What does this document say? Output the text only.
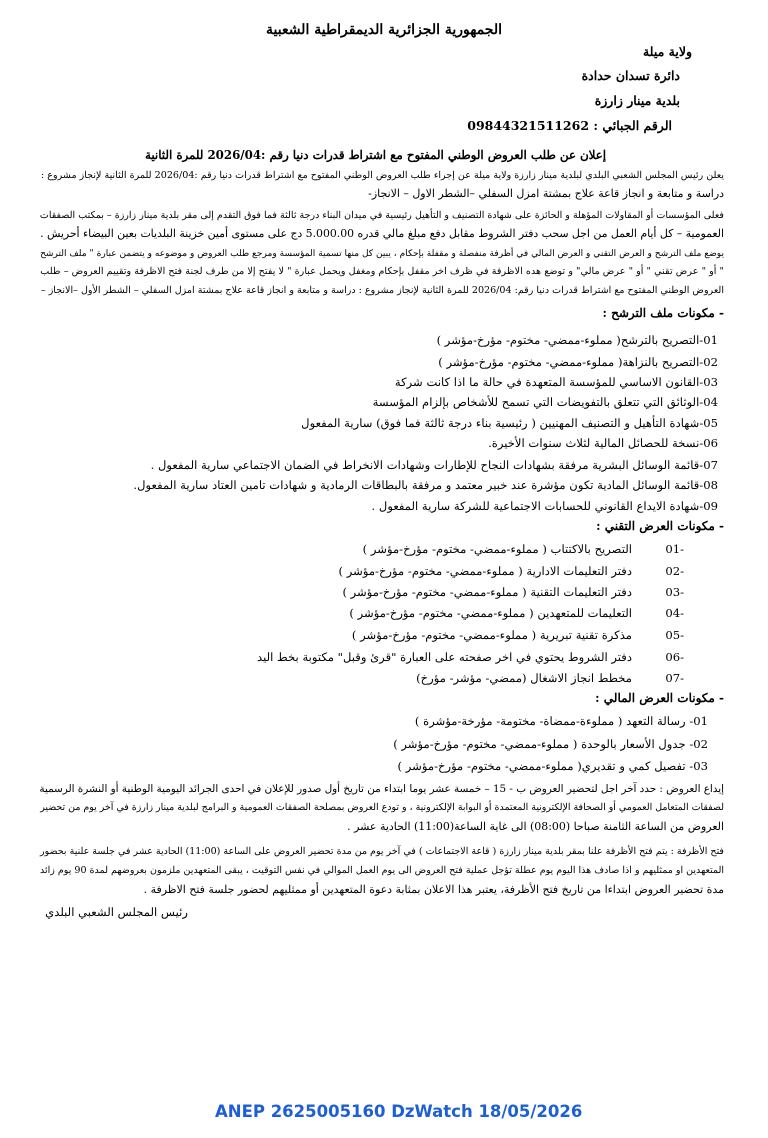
الجمهورية الجزائرية الديمقراطية الشعبية
ولاية ميلة
دائرة تسدان حدادة
بلدية مينار زارزة
الرقم الجبائي : 09844321511262
إعلان عن طلب العروض الوطني المفتوح مع اشتراط قدرات دنيا رقم :2026/04 للمرة الثانية
يعلن رئيس المجلس الشعبي البلدي لبلدية مينار زارزة ولاية ميلة عن إجراء طلب العروض الوطني المفتوح مع اشتراط قدرات دنيا رقم :2026/04 للمرة الثانية لإنجاز مشروع :
دراسة و متابعة و انجاز قاعة علاج بمشتة امزل السفلي –الشطر الاول – الانجاز-
فعلى المؤسسات أو المقاولات المؤهلة و الحائزة على شهادة التصنيف و التأهيل رئيسية في ميدان البناء درجة ثالثة فما فوق التقدم إلى مقر بلدية مينار زارزة – بمكتب الصفقات
العمومية – كل أيام العمل من اجل سحب دفتر الشروط مقابل دفع مبلغ مالي قدره 5.000.00 دج على مستوى أمين خزينة البلديات بعين البيضاء أحريش .
يوضع ملف الترشح و العرض التقني و العرض المالي في أظرفة منفصلة و مقفلة بإحكام ، يبين كل منها تسمية المؤسسة ومرجع طلب العروض و موضوعه و يتضمن عبارة " ملف الترشح
" أو " عرض تقني " أو " عرض مالي" و توضع هده الاظرفة في ظرف اخر مقفل بإحكام ومغفل ويحمل عبارة " لا يفتح إلا من طرف لجنة فتح الاظرفة وتقييم العروض – طلب
العروض الوطني المفتوح مع اشتراط قدرات دنيا رقم: 2026/04 للمرة الثانية لإنجاز مشروع : دراسة و متابعة و انجاز قاعة علاج بمشتة امزل السفلي – الشطر الأول –الانجاز –
- مكونات ملف الترشح :
01-التصريح بالترشح( مملوء-ممضي- مختوم- مؤرخ-مؤشر )
02-التصريح بالنزاهة( مملوء-ممضي- مختوم- مؤرخ-مؤشر )
03-القانون الاساسي للمؤسسة المتعهدة في حالة ما اذا كانت شركة
04-الوثائق التي تتعلق بالتفويضات التي تسمح للأشخاص بإلزام المؤسسة
05-شهادة التأهيل و التصنيف المهنيين ( رئيسية بناء درجة ثالثة فما فوق) سارية المفعول
06-نسخة للحصائل المالية لثلاث سنوات الأخيرة.
07-قائمة الوسائل البشرية مرفقة بشهادات النجاح للإطارات وشهادات الانخراط في الضمان الاجتماعي سارية المفعول .
08-قائمة الوسائل المادية تكون مؤشرة عند خبير معتمد و مرفقة بالبطاقات الرمادية و شهادات تامين العتاد سارية المفعول.
09-شهادة الايداع القانوني للحسابات الاجتماعية للشركة سارية المفعول .
- مكونات العرض التقني :
-01
التصريح بالاكتتاب ( مملوء-ممضي- مختوم- مؤرخ-مؤشر )
-02
دفتر التعليمات الادارية ( مملوء-ممضي- مختوم- مؤرخ-مؤشر )
-03
دفتر التعليمات التقنية ( مملوء-ممضي- مختوم- مؤرخ-مؤشر )
-04
التعليمات للمتعهدين ( مملوء-ممضي- مختوم- مؤرخ-مؤشر )
-05
مذكرة تقنية تبريرية ( مملوء-ممضي- مختوم- مؤرخ-مؤشر )
-06
دفتر الشروط يحتوي في اخر صفحته على العبارة "قرئ وقبل" مكتوبة بخط اليد
-07
مخطط انجاز الاشغال (ممضي- مؤشر- مؤرخ)
- مكونات العرض المالي :
01- رسالة التعهد ( مملوءة-ممضاة- مختومة- مؤرخة-مؤشرة )
02- جدول الأسعار بالوحدة ( مملوء-ممضي- مختوم- مؤرخ-مؤشر )
03- تفصيل كمي و تقديري( مملوء-ممضي- مختوم- مؤرخ-مؤشر )
إيداع العروض : حدد آخر اجل لتحضير العروض ب - 15 – خمسة عشر يوما ابتداء من تاريخ أول صدور للإعلان في احدى الجرائد اليومية الوطنية أو النشرة الرسمية
لصفقات المتعامل العمومي أو الصحافة الإلكترونية المعتمدة أو البوابة الإلكترونية ، و تودع العروض بمصلحة الصفقات العمومية و البرامج لبلدية مينار زارزة في آخر يوم من تحضير
العروض من الساعة الثامنة صباحا (08:00) الى غاية الساعة(11:00) الحادية عشر .
فتح الأظرفة : يتم فتح الأظرفة علنا بمقر بلدية مينار زارزة ( قاعة الاجتماعات ) في آخر يوم من مدة تحضير العروض على الساعة (11:00) الحادية عشر في جلسة علنية بحضور
المتعهدين او ممثليهم و اذا صادف هذا اليوم يوم عطلة تؤجل عملية فتح العروض الى يوم العمل الموالي في نفس التوقيت ، يبقى المتعهدين ملزمون بعروضهم لمدة 90 يوم زائد
مدة تحضير العروض ابتداءا من تاريخ فتح الأظرفة، يعتبر هذا الاعلان بمثابة دعوة المتعهدين أو ممثليهم لحضور جلسة فتح الاظرفة .
رئيس المجلس الشعبي البلدي
ANEP 2625005160 DzWatch 18/05/2026
